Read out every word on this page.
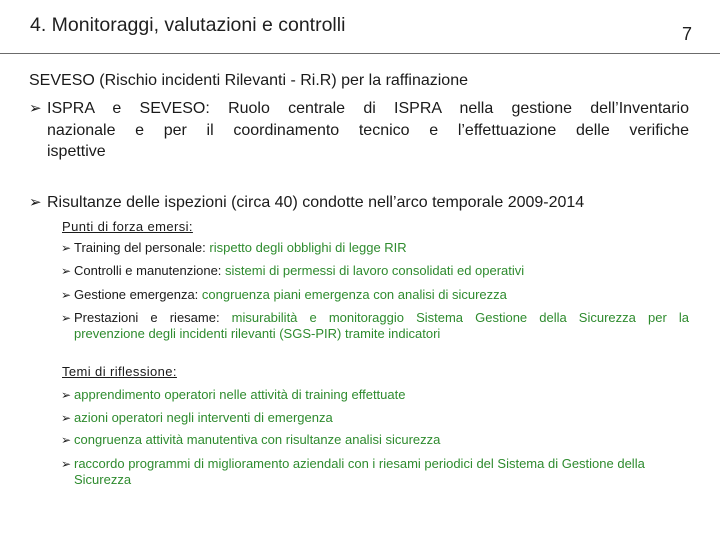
4. Monitoraggi, valutazioni e controlli	7
SEVESO (Rischio incidenti Rilevanti - Ri.R) per la raffinazione
➢ ISPRA e SEVESO: Ruolo centrale di ISPRA nella gestione dell’Inventario
nazionale e per il coordinamento tecnico e l’effettuazione delle verifiche
ispettive
➢ Risultanze delle ispezioni (circa 40) condotte nell’arco temporale 2009-2014
Punti di forza emersi:
➢ Training del personale: rispetto degli obblighi di legge RIR
➢ Controlli e manutenzione: sistemi di permessi di lavoro consolidati ed operativi
➢ Gestione emergenza: congruenza piani emergenza con analisi di sicurezza
➢ Prestazioni e riesame: misurabilità e monitoraggio Sistema Gestione della Sicurezza per la
prevenzione degli incidenti rilevanti (SGS-PIR) tramite indicatori
Temi di riflessione:
➢ apprendimento operatori nelle attività di training effettuate
➢ azioni operatori negli interventi di emergenza
➢ congruenza attività manutentiva con risultanze analisi sicurezza
➢ raccordo programmi di miglioramento aziendali con i riesami periodici del Sistema di Gestione della
Sicurezza
